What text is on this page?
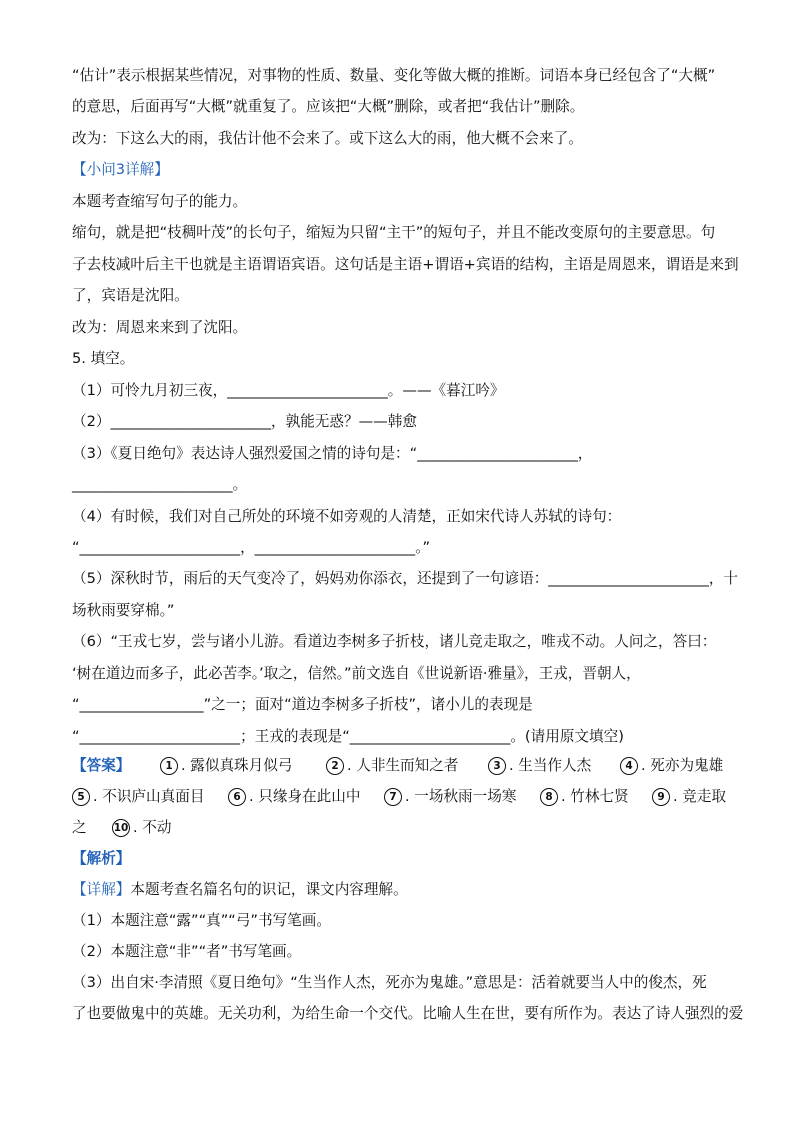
“估计”表示根据某些情况，对事物的性质、数量、变化等做大概的推断。词语本身已经包含了“大概”
的意思，后面再写“大概”就重复了。应该把“大概”删除，或者把“我估计”删除。
改为：下这么大的雨，我估计他不会来了。或下这么大的雨，他大概不会来了。
【小问3详解】
本题考查缩写句子的能力。
缩句，就是把“枝稠叶茂”的长句子，缩短为只留“主干”的短句子，并且不能改变原句的主要意思。句
子去枝减叶后主干也就是主语谓语宾语。这句话是主语+谓语+宾语的结构，主语是周恩来，谓语是来到
了，宾语是沈阳。
改为：周恩来来到了沈阳。
5. 填空。
（1）可怜九月初三夜，______________________。——《暮江吟》
（2）______________________，孰能无惑？——韩愈
（3）《夏日绝句》表达诗人强烈爱国之情的诗句是：“______________________，
______________________。
（4）有时候，我们对自己所处的环境不如旁观的人清楚，正如宋代诗人苏轼的诗句：
“______________________，______________________。”
（5）深秋时节，雨后的天气变冷了，妈妈劝你添衣，还提到了一句谚语：______________________，十
场秋雨要穿棉。”
（6）“王戎七岁，尝与诸小儿游。看道边李树多子折枝，诸儿竞走取之，唯戎不动。人问之，答曰：
‘树在道边而多子，此必苦李。’取之，信然。”前文选自《世说新语·雅量》，王戎，晋朝人，
“_________________”之一；面对“道边李树多子折枝”，诸小儿的表现是
“______________________；王戎的表现是“______________________。(请用原文填空)
【答案】	1 . 露似真珠月似弓	2 . 人非生而知之者	3 . 生当作人杰	4 . 死亦为鬼雄
5 . 不识庐山真面目	6 . 只缘身在此山中	7 . 一场秋雨一场寒	8 . 竹林七贤	9 . 竞走取
之	10 . 不动
【解析】
【详解】本题考查名篇名句的识记，课文内容理解。
（1）本题注意“露”“真”“弓”书写笔画。
（2）本题注意“非”“者”书写笔画。
（3）出自宋·李清照《夏日绝句》“生当作人杰，死亦为鬼雄。”意思是：活着就要当人中的俊杰，死
了也要做鬼中的英雄。无关功利，为给生命一个交代。比喻人生在世，要有所作为。表达了诗人强烈的爱
